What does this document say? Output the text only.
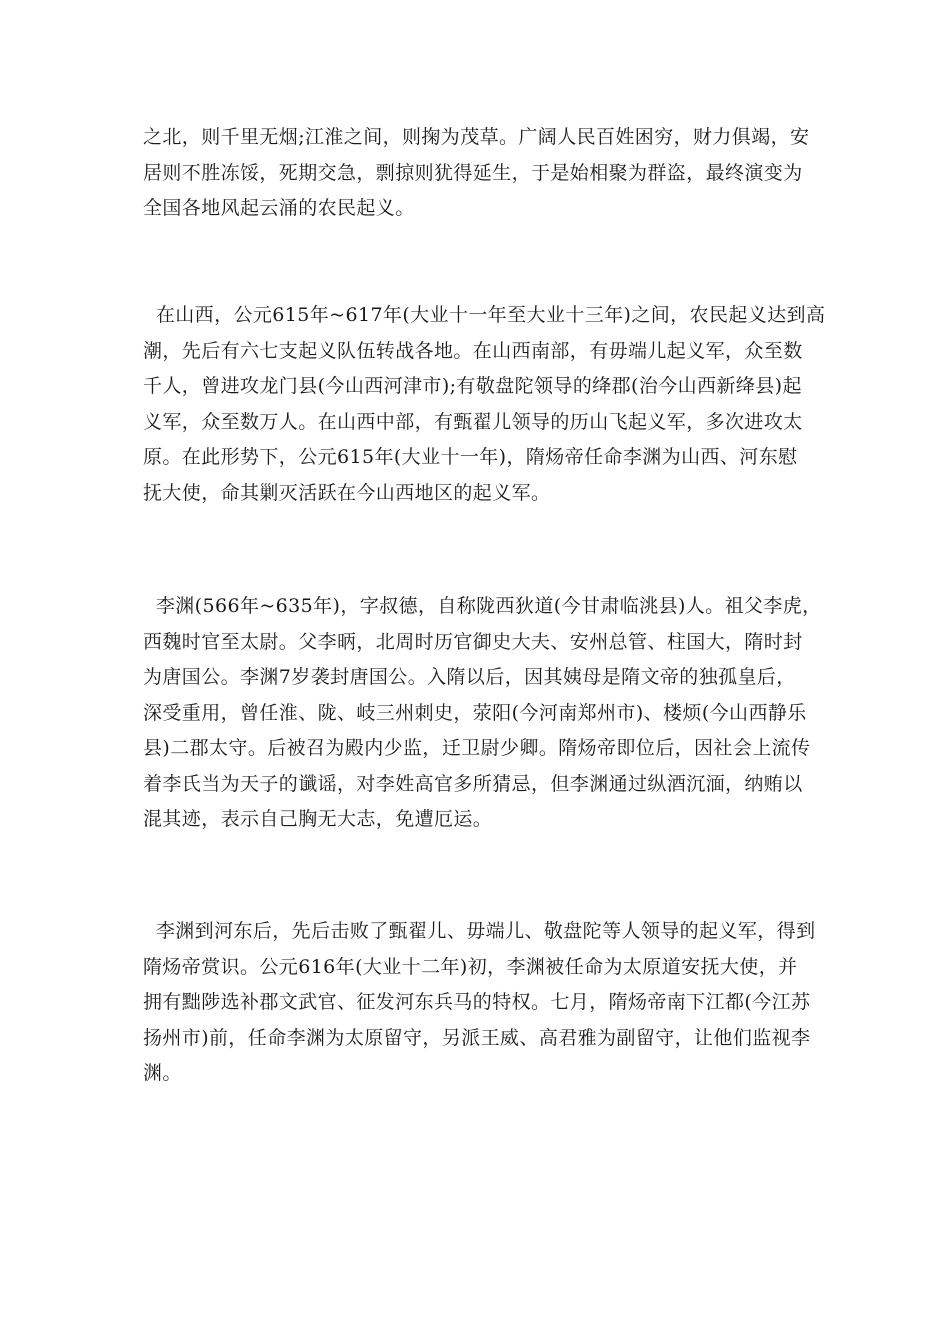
之北，则千里无烟;江淮之间，则掬为茂草。广阔人民百姓困穷，财力俱竭，安
居则不胜冻馁，死期交急，剽掠则犹得延生，于是始相聚为群盗，最终演变为
全国各地风起云涌的农民起义。

在山西，公元615年~617年(大业十一年至大业十三年)之间，农民起义达到高
潮，先后有六七支起义队伍转战各地。在山西南部，有毋端儿起义军，众至数
千人，曾进攻龙门县(今山西河津市);有敬盘陀领导的绛郡(治今山西新绛县)起
义军，众至数万人。在山西中部，有甄翟儿领导的历山飞起义军，多次进攻太
原。在此形势下，公元615年(大业十一年)，隋炀帝任命李渊为山西、河东慰
抚大使，命其剿灭活跃在今山西地区的起义军。

李渊(566年~635年)，字叔德，自称陇西狄道(今甘肃临洮县)人。祖父李虎，
西魏时官至太尉。父李昞，北周时历官御史大夫、安州总管、柱国大，隋时封
为唐国公。李渊7岁袭封唐国公。入隋以后，因其姨母是隋文帝的独孤皇后，
深受重用，曾任淮、陇、岐三州刺史，荥阳(今河南郑州市)、楼烦(今山西静乐
县)二郡太守。后被召为殿内少监，迁卫尉少卿。隋炀帝即位后，因社会上流传
着李氏当为天子的谶谣，对李姓高官多所猜忌，但李渊通过纵酒沉湎，纳贿以
混其迹，表示自己胸无大志，免遭厄运。

李渊到河东后，先后击败了甄翟儿、毋端儿、敬盘陀等人领导的起义军，得到
隋炀帝赏识。公元616年(大业十二年)初，李渊被任命为太原道安抚大使，并
拥有黜陟选补郡文武官、征发河东兵马的特权。七月，隋炀帝南下江都(今江苏
扬州市)前，任命李渊为太原留守，另派王威、高君雅为副留守，让他们监视李
渊。
